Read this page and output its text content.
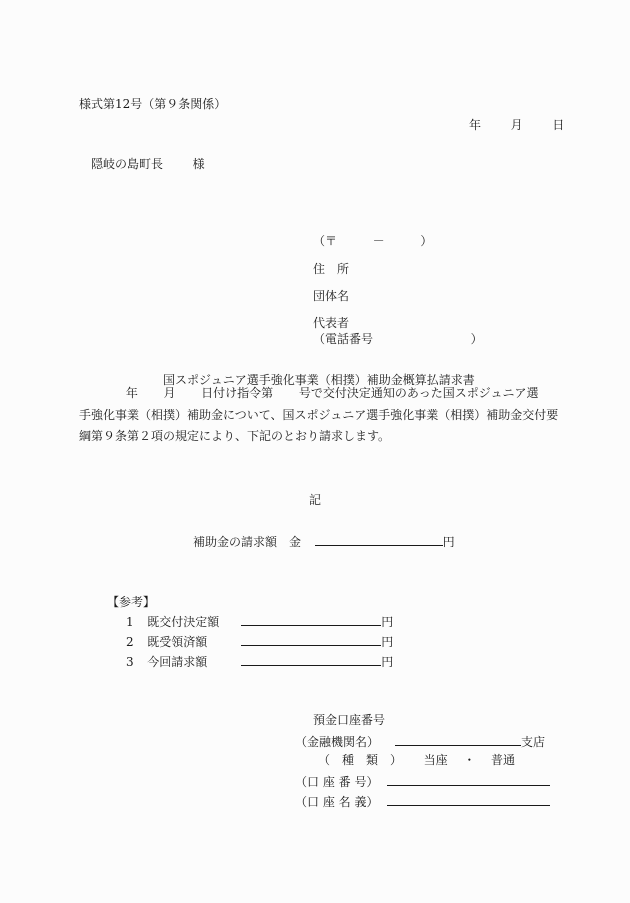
様式第12号（第９条関係）
年 月 日
隠岐の島町長 様
（〒	－	）
住　所
団体名
代表者
（電話番号	）
国スポジュニア選手強化事業（相撲）補助金概算払請求書
年 月 日付け指令第 号で交付決定通知のあった国スポジュニア選
手強化事業（相撲）補助金について、国スポジュニア選手強化事業（相撲）補助金交付要
綱第９条第２項の規定により、下記のとおり請求します。
記
補助金の請求額　金	円
【参考】
1 既交付決定額	円
2 既受領済額	円
3 今回請求額	円
預金口座番号
（金融機関名）	支店
（　種　類　） 当座 ・ 普通
（口 座 番 号）
（口 座 名 義）
